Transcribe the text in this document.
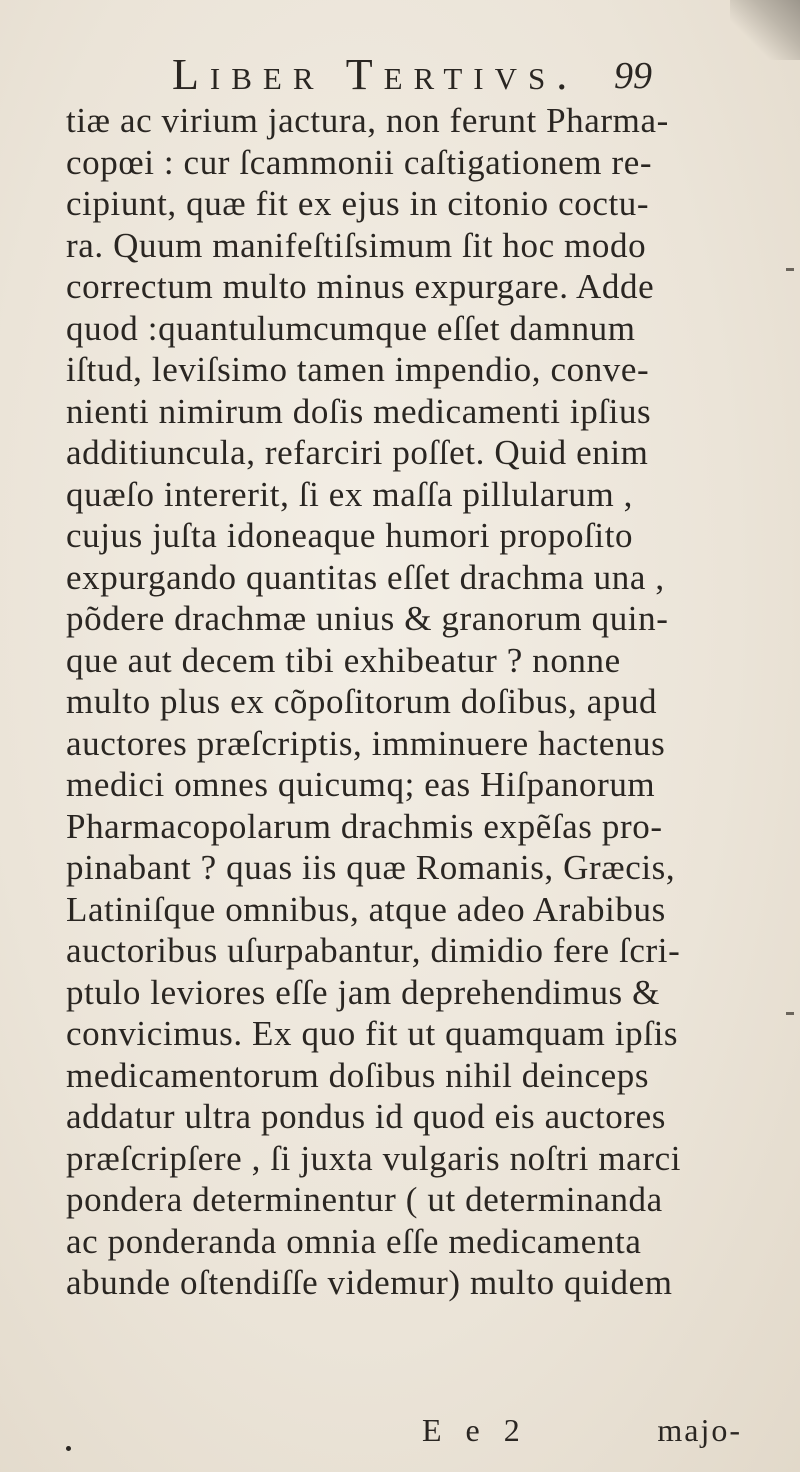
Liber Tertivs. 99
tiæ ac virium jactura, non ferunt Pharma-
copœi : cur ſcammonii caſtigationem re-
cipiunt, quæ fit ex ejus in citonio coctu-
ra. Quum manifeſtiſsimum ſit hoc modo
correctum multo minus expurgare. Adde
quod :quantulumcumque eſſet damnum
iſtud, leviſsimo tamen impendio, conve-
nienti nimirum doſis medicamenti ipſius
additiuncula, refarciri poſſet. Quid enim
quæſo intererit, ſi ex maſſa pillularum ,
cujus juſta idoneaque humori propoſito
expurgando quantitas eſſet drachma una ,
põdere drachmæ unius & granorum quin-
que aut decem tibi exhibeatur ? nonne
multo plus ex cõpoſitorum doſibus, apud
auctores præſcriptis, imminuere hactenus
medici omnes quicumq; eas Hiſpanorum
Pharmacopolarum drachmis expẽſas pro-
pinabant ? quas iis quæ Romanis, Græcis,
Latiniſque omnibus, atque adeo Arabibus
auctoribus uſurpabantur, dimidio fere ſcri-
ptulo leviores eſſe jam deprehendimus &
convicimus. Ex quo fit ut quamquam ipſis
medicamentorum doſibus nihil deinceps
addatur ultra pondus id quod eis auctores
præſcripſere , ſi juxta vulgaris noſtri marci
pondera determinentur ( ut determinanda
ac ponderanda omnia eſſe medicamenta
abunde oſtendiſſe videmur) multo quidem
E e 2	majo-
